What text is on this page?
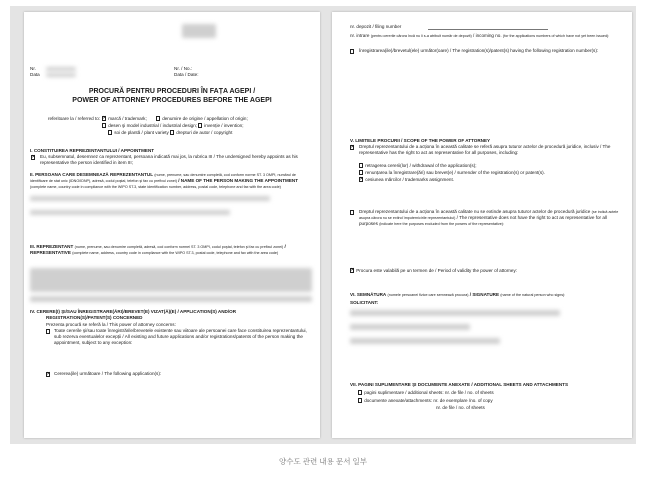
Nr.
Data
Nr. / No.:
Data / Date:
PROCURĂ PENTRU PROCEDURI ÎN FAȚA AGEPI /
POWER OF ATTORNEY PROCEDURES BEFORE THE AGEPI
referitoare la / referred to:
✕	marcă / trademark;	denumire de origine / appellation of origin;
desen şi model industrial / industrial design;	invenție / invention;
soi de plantă / plant variety	drepturi de autor / copyright
I. CONSTITUIREA REPREZENTANTULUI / APPOINTMENT
✕
Eu, subsemnatul, desemnez ca reprezentant, persoana indicată mai jos, la rubrica III / The undersigned hereby appoints as his representative the person identified in item III;
II. PERSOANA CARE DESEMNEAZĂ REPREZENTANTUL (nume, prenume, sau denumire completă, cod conform norme ST. 3 OMPI, numărul de identificare de stat unic (IDNO/IDNP), adresă, codul poştal, telefon şi fax cu prefixul zonei) / NAME OF THE PERSON MAKING THE APPOINTMENT (complete name, country code in compliance with the WIPO ST.3, state identification number, address, postal code, telephone and fax with the area code)
III. REPREZENTANT (nume, prenume, sau denumire completă, adresă, cod conform normei ST. 3 OMPI, codul poştal, telefon şi fax cu prefixul zonei) / REPRESENTATIVE (complete name, address, country code in compliance with the WIPO ST.3, postal code, telephone and fax with the area code)
IV. CERERE(I) ŞI/SAU ÎNREGISTRARE(ĂRI)/BREVET(E) VIZAT(Ă)(E) / APPLICATION(S) AND/OR
REGISTRATION(S)/PATENT(S) CONCERNED
Prezenta procură se referă la / This power of attorney concerns:
Toate cererile şi/sau toate înregistrările/brevetele existente sau viitoare ale persoanei care face constituirea reprezentantului, sub rezerva eventualelor excepții / All existing and future applications and/or registrations/patents of the person making the appointment, subject to any exception:
✕
Cererea(ile) următoare / The following application(s):
nr. depozit / filing number
nr. intrare (pentru cererile cărora încă nu li s-a atribuit număr de depozit) / incoming no. (for the applications numbers of which have not yet been issued):
Înregistrarea(ile)/brevetul(ele) următor(oare) / The registration(s)/patent(s) having the following registration number(s):
V. LIMITELE PROCURII / SCOPE OF THE POWER OF ATTORNEY
✕
Dreptul reprezentantului de a acționa în această calitate se referă asupra tuturor actelor de procedură juridice, inclusiv / The representative has the right to act as representative for all purposes, including:
retragerea cererii(lor) / withdrawal of the application(s);
renunțarea la înregistrare(ări) sau brevet(e) / surrender of the registration(s) or patent(s).
✕cesiunea mărcilor / trademarks assignment.
Dreptul reprezentantului de a acționa în această calitate nu se extinde asupra tuturor actelor de procedură juridice (se indică actele asupra cărora nu se extind împuternicirile reprezentantului) / The representative does not have the right to act as representative for all purposes (indicate here the purposes excluded from the powers of the representative):
✕Procura este valabilă pe un termen de / Period of validity the power of attorney:
VI. SEMNĂTURA (numele persoanei fizice care semnează procura) / SIGNATURE (name of the natural person who signs):
SOLICITANT:
VII. PAGINI SUPLIMENTARE ŞI DOCUMENTE ANEXATE / ADDITIONAL SHEETS AND ATTACHMENTS
pagini suplimentare / additional sheets: nr. de file / no. of sheets
documente anexate/attachments: nr. de exemplare /no. of copy
nr. de file / no. of sheets
양수도 관련 내용 문서 일부
